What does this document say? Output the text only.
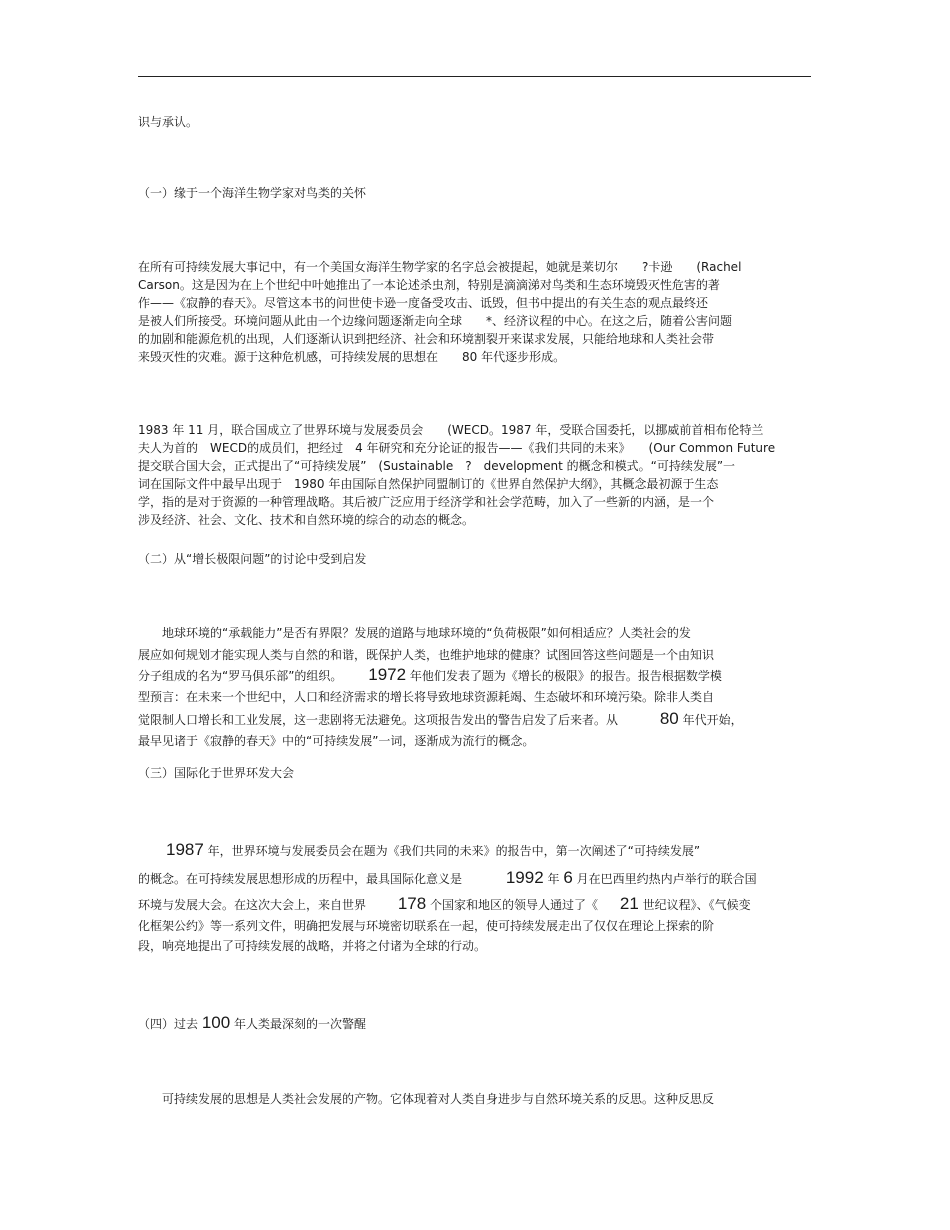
识与承认。
（一）缘于一个海洋生物学家对鸟类的关怀
在所有可持续发展大事记中，有一个美国女海洋生物学家的名字总会被提起，她就是莱切尔　　?卡逊　　(Rachel
Carson。这是因为在上个世纪中叶她推出了一本论述杀虫剂，特别是滴滴涕对鸟类和生态环境毁灭性危害的著
作——《寂静的春天》。尽管这本书的问世使卡逊一度备受攻击、诋毁，但书中提出的有关生态的观点最终还
是被人们所接受。环境问题从此由一个边缘问题逐渐走向全球　　*、经济议程的中心。在这之后，随着公害问题
的加剧和能源危机的出现，人们逐渐认识到把经济、社会和环境割裂开来谋求发展，只能给地球和人类社会带
来毁灭性的灾难。源于这种危机感，可持续发展的思想在　　80 年代逐步形成。
1983 年 11 月，联合国成立了世界环境与发展委员会　　(WECD。1987 年，受联合国委托，以挪威前首相布伦特兰
夫人为首的　WECD的成员们，把经过　4 年研究和充分论证的报告——《我们共同的未来》　　(Our Common Future
提交联合国大会，正式提出了“可持续发展”　(Sustainable　?　development 的概念和模式。“可持续发展”一
词在国际文件中最早出现于　1980 年由国际自然保护同盟制订的《世界自然保护大纲》，其概念最初源于生态
学，指的是对于资源的一种管理战略。其后被广泛应用于经济学和社会学范畴，加入了一些新的内涵，是一个
涉及经济、社会、文化、技术和自然环境的综合的动态的概念。
（二）从“增长极限问题”的讨论中受到启发
　　地球环境的“承载能力”是否有界限？发展的道路与地球环境的“负荷极限”如何相适应？人类社会的发
展应如何规划才能实现人类与自然的和谐，既保护人类，也维护地球的健康？试图回答这些问题是一个由知识
分子组成的名为“罗马俱乐部”的组织。 1972 年他们发表了题为《增长的极限》的报告。报告根据数学模
型预言：在未来一个世纪中，人口和经济需求的增长将导致地球资源耗竭、生态破坏和环境污染。除非人类自
觉限制人口增长和工业发展，这一悲剧将无法避免。这项报告发出的警告启发了后来者。从 80 年代开始，
最早见诸于《寂静的春天》中的“可持续发展”一词，逐渐成为流行的概念。
（三）国际化于世界环发大会
1987 年，世界环境与发展委员会在题为《我们共同的未来》的报告中，第一次阐述了“可持续发展”
的概念。在可持续发展思想形成的历程中，最具国际化意义是	1992 年 6 月在巴西里约热内卢举行的联合国
环境与发展大会。在这次大会上，来自世界 178 个国家和地区的领导人通过了《 21 世纪议程》、《气候变
化框架公约》等一系列文件，明确把发展与环境密切联系在一起，使可持续发展走出了仅仅在理论上探索的阶
段，响亮地提出了可持续发展的战略，并将之付诸为全球的行动。
（四）过去 100 年人类最深刻的一次警醒
　　可持续发展的思想是人类社会发展的产物。它体现着对人类自身进步与自然环境关系的反思。这种反思反
